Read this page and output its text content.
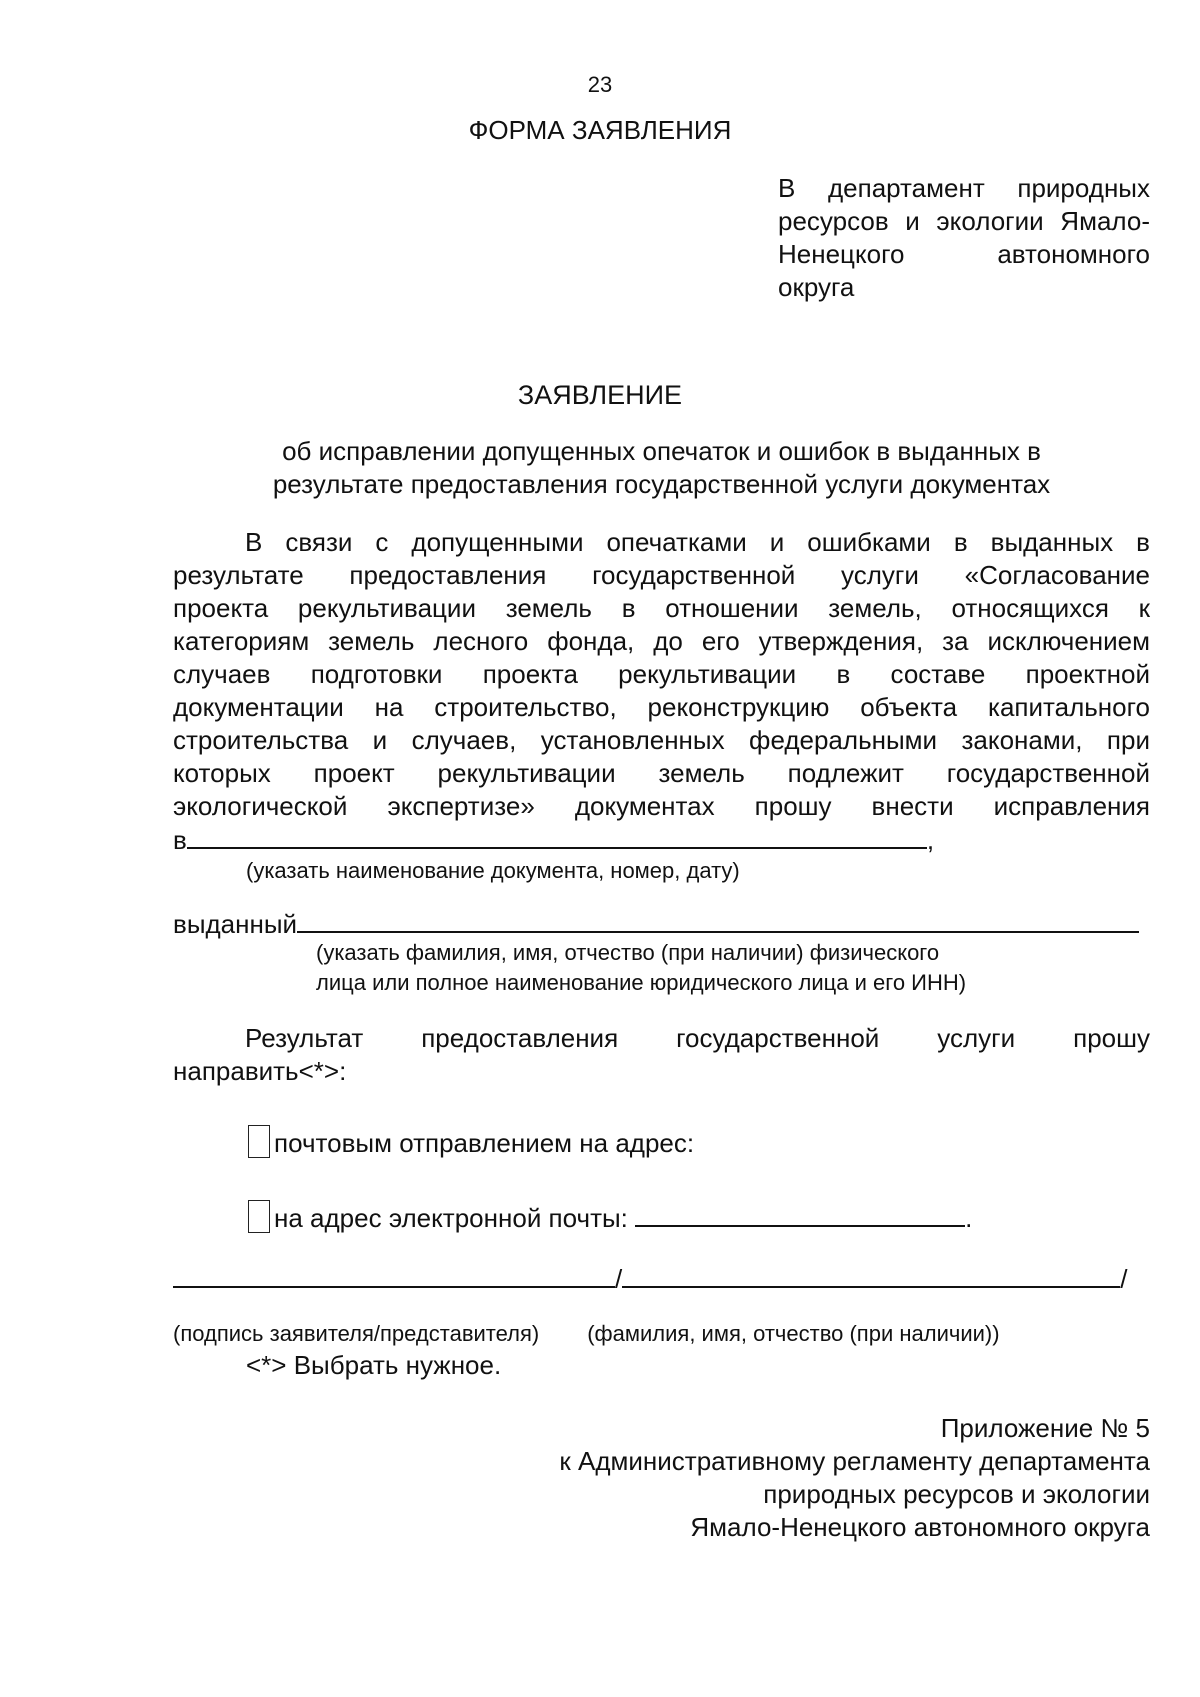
23
ФОРМА ЗАЯВЛЕНИЯ
В департамент природных
ресурсов и экологии Ямало-
Ненецкого автономного
округа
ЗАЯВЛЕНИЕ
об исправлении допущенных опечаток и ошибок в выданных в
результате предоставления государственной услуги документах
В связи с допущенными опечатками и ошибками в выданных в
результате предоставления государственной услуги «Согласование
проекта рекультивации земель в отношении земель, относящихся к
категориям земель лесного фонда, до его утверждения, за исключением
случаев подготовки проекта рекультивации в составе проектной
документации на строительство, реконструкцию объекта капитального
строительства и случаев, установленных федеральными законами, при
которых проект рекультивации земель подлежит государственной
экологической экспертизе» документах прошу внести исправления
в	,
(указать наименование документа, номер, дату)
выданный
(указать фамилия, имя, отчество (при наличии) физического
лица или полное наименование юридического лица и его ИНН)
Результат предоставления государственной услуги прошу
направить<*>:
почтовым отправлением на адрес:
на адрес электронной почты:	.
/	/
(подпись заявителя/представителя) (фамилия, имя, отчество (при наличии))
<*> Выбрать нужное.
Приложение № 5
к Административному регламенту департамента
природных ресурсов и экологии
Ямало-Ненецкого автономного округа
